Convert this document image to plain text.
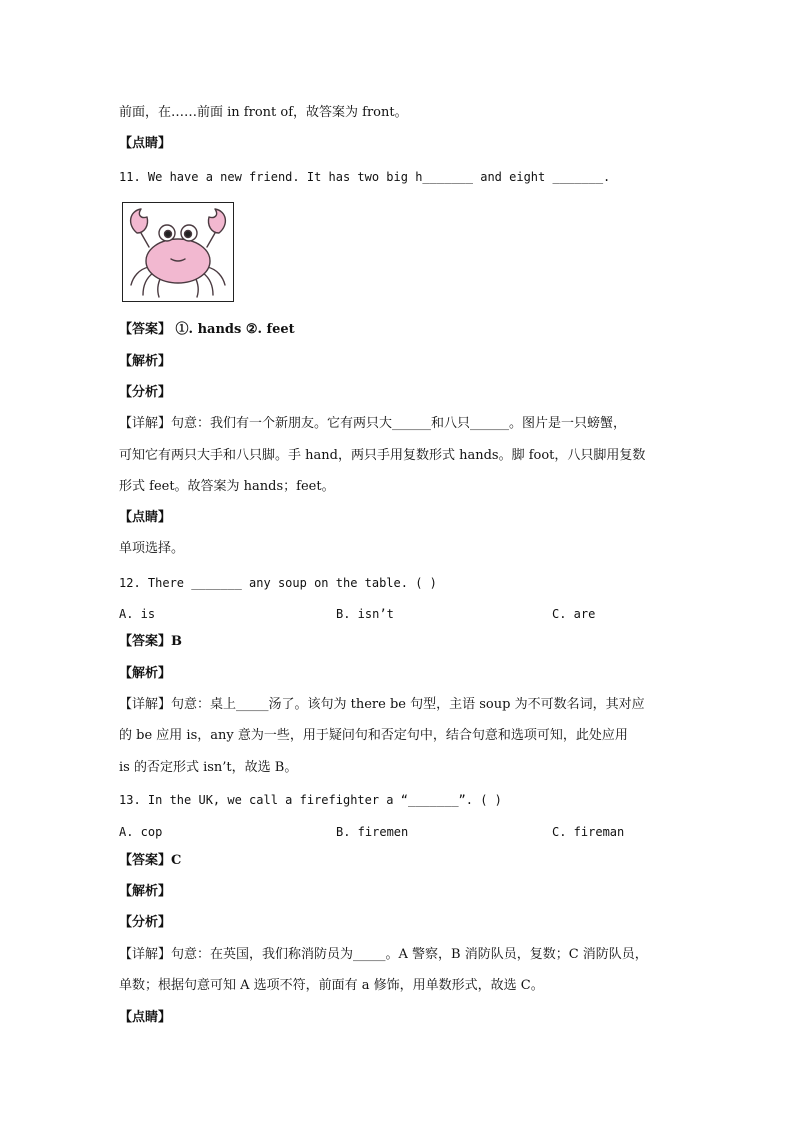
前面，在……前面 in front of，故答案为 front。
【点睛】
11. We have a new friend. It has two big h_______ and eight _______.
【答案】 ①. hands ②. feet
【解析】
【分析】
【详解】句意：我们有一个新朋友。它有两只大______和八只______。图片是一只螃蟹，
可知它有两只大手和八只脚。手 hand，两只手用复数形式 hands。脚 foot，八只脚用复数
形式 feet。故答案为 hands；feet。
【点睛】
单项选择。
12. There _______ any soup on the table. ( )
A. is	B. isn’t	C. are
【答案】B
【解析】
【详解】句意：桌上_____汤了。该句为 there be 句型，主语 soup 为不可数名词，其对应
的 be 应用 is，any 意为一些，用于疑问句和否定句中，结合句意和选项可知，此处应用
is 的否定形式 isn’t，故选 B。
13. In the UK, we call a firefighter a “_______”. ( )
A. cop	B. firemen	C. fireman
【答案】C
【解析】
【分析】
【详解】句意：在英国，我们称消防员为_____。A 警察，B 消防队员，复数；C 消防队员，
单数；根据句意可知 A 选项不符，前面有 a 修饰，用单数形式，故选 C。
【点睛】
